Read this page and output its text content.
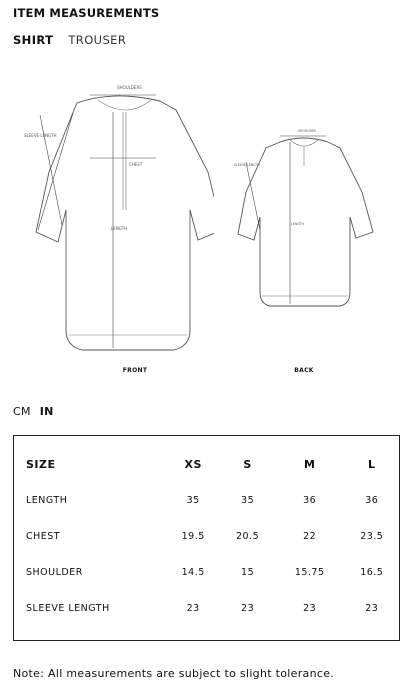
ITEM MEASUREMENTS
SHIRT TROUSER
SHOULDERS
CHEST
LENGTH
SLEEVE LENGTH
SHOULDER
LENGTH
SLEEVE LENGTH
FRONT	BACK
CM IN
SIZE	XS	S	M	L
LENGTH	35	35	36	36
CHEST	19.5	20.5	22	23.5
SHOULDER	14.5	15	15.75	16.5
SLEEVE LENGTH	23	23	23	23
Note: All measurements are subject to slight tolerance.
